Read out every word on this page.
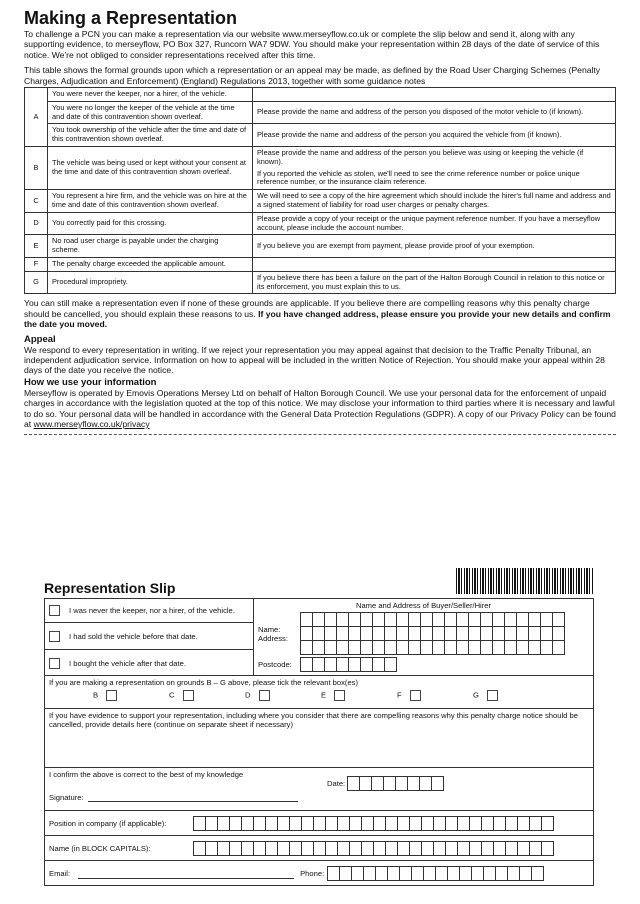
Making a Representation

To challenge a PCN you can make a representation via our website www.merseyflow.co.uk or complete the slip below and send it, along with any supporting evidence, to merseyflow, PO Box 327, Runcorn WA7 9DW. You should make your representation within 28 days of the date of service of this notice. We're not obliged to consider representations received after this time.

This table shows the formal grounds upon which a representation or an appeal may be made, as defined by the Road User Charging Schemes (Penalty Charges, Adjudication and Enforcement) (England) Regulations 2013, together with some guidance notes

A	You were never the keeper, nor a hirer, of the vehicle.	
	You were no longer the keeper of the vehicle at the time and date of this contravention shown overleaf.	Please provide the name and address of the person you disposed of the motor vehicle to (if known).
	You took ownership of the vehicle after the time and date of this contravention shown overleaf.	Please provide the name and address of the person you acquired the vehicle from (if known).
B	The vehicle was being used or kept without your consent at the time and date of this contravention shown overleaf.	Please provide the name and address of the person you believe was using or keeping the vehicle (if known).
If you reported the vehicle as stolen, we'll need to see the crime reference number or police unique reference number, or the insurance claim reference.

C	You represent a hire firm, and the vehicle was on hire at the time and date of this contravention shown overleaf.	We will need to see a copy of the hire agreement which should include the hirer's full name and address and a signed statement of liability for road user charges or penalty charges.
D	You correctly paid for this crossing.	Please provide a copy of your receipt or the unique payment reference number. If you have a merseyflow account, please include the account number.
E	No road user charge is payable under the charging scheme.	If you believe you are exempt from payment, please provide proof of your exemption.
F	The penalty charge exceeded the applicable amount.	
G	Procedural impropriety.	If you believe there has been a failure on the part of the Halton Borough Council in relation to this notice or its enforcement, you must explain this to us.

You can still make a representation even if none of these grounds are applicable. If you believe there are compelling reasons why this penalty charge should be cancelled, you should explain these reasons to us. If you have changed address, please ensure you provide your new details and confirm the date you moved.

Appeal

We respond to every representation in writing. If we reject your representation you may appeal against that decision to the Traffic Penalty Tribunal, an independent adjudication service. Information on how to appeal will be included in the written Notice of Rejection. You should make your appeal within 28 days of the date you receive the notice.

How we use your information

Merseyflow is operated by Emovis Operations Mersey Ltd on behalf of Halton Borough Council. We use your personal data for the enforcement of unpaid charges in accordance with the legislation quoted at the top of this notice. We may disclose your information to third parties where it is necessary and lawful to do so. Your personal data will be handled in accordance with the General Data Protection Regulations (GDPR). A copy of our Privacy Policy can be found at www.merseyflow.co.uk/privacy

Representation Slip
I was never the keeper, nor a hirer, of the vehicle.
I had sold the vehicle before that date.
I bought the vehicle after that date.
Name and Address of Buyer/Seller/Hirer
Name:
Address:
Postcode:
If you are making a representation on grounds B – G above, please tick the relevant box(es)
B	C	D	E	F	G
If you have evidence to support your representation, including where you consider that there are compelling reasons why this penalty charge notice should be cancelled, provide details here (continue on separate sheet if necessary)
I confirm the above is correct to the best of my knowledge
Date:
Signature:
Position in company (if applicable):
Name (in BLOCK CAPITALS):
Email:	Phone:
